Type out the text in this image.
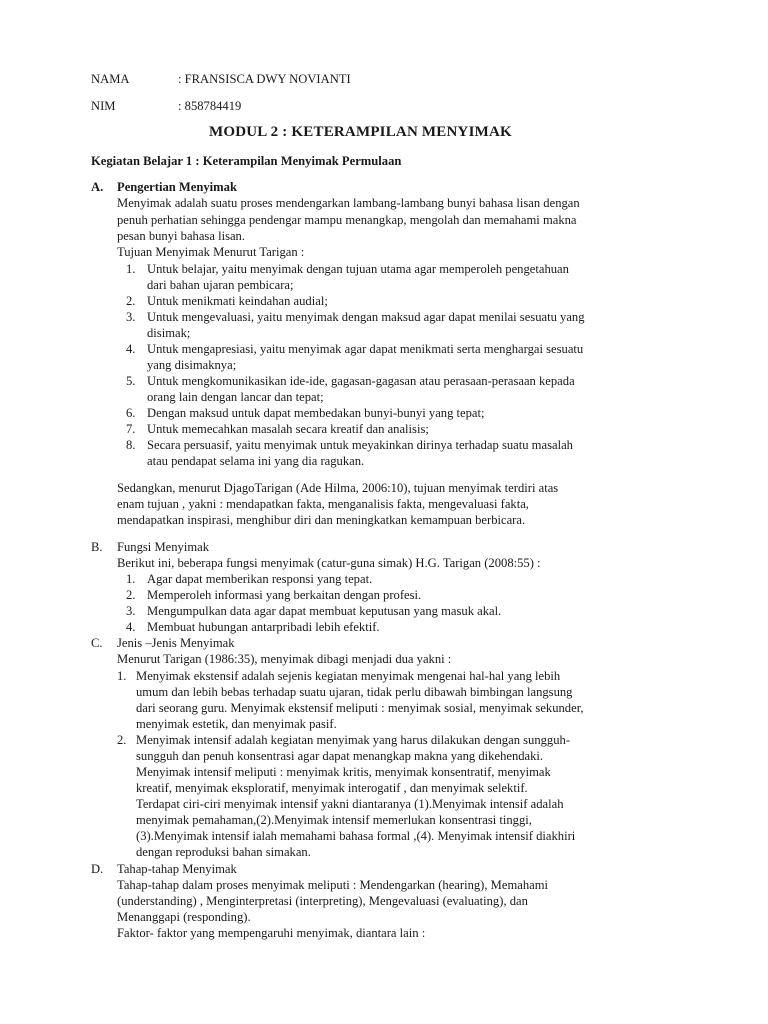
NAMA	: FRANSISCA DWY NOVIANTI
NIM	: 858784419
MODUL 2 : KETERAMPILAN MENYIMAK
Kegiatan Belajar 1 : Keterampilan Menyimak Permulaan
A. Pengertian Menyimak
Menyimak adalah suatu proses mendengarkan lambang-lambang bunyi bahasa lisan dengan
penuh perhatian sehingga pendengar mampu menangkap, mengolah dan memahami makna
pesan bunyi bahasa lisan.
Tujuan Menyimak Menurut Tarigan :
1. Untuk belajar, yaitu menyimak dengan tujuan utama agar memperoleh pengetahuan
dari bahan ujaran pembicara;
2. Untuk menikmati keindahan audial;
3. Untuk mengevaluasi, yaitu menyimak dengan maksud agar dapat menilai sesuatu yang
disimak;
4. Untuk mengapresiasi, yaitu menyimak agar dapat menikmati serta menghargai sesuatu
yang disimaknya;
5. Untuk mengkomunikasikan ide-ide, gagasan-gagasan atau perasaan-perasaan kepada
orang lain dengan lancar dan tepat;
6. Dengan maksud untuk dapat membedakan bunyi-bunyi yang tepat;
7. Untuk memecahkan masalah secara kreatif dan analisis;
8. Secara persuasif, yaitu menyimak untuk meyakinkan dirinya terhadap suatu masalah
atau pendapat selama ini yang dia ragukan.
Sedangkan, menurut DjagoTarigan (Ade Hilma, 2006:10), tujuan menyimak terdiri atas
enam tujuan , yakni : mendapatkan fakta, menganalisis fakta, mengevaluasi fakta,
mendapatkan inspirasi, menghibur diri dan meningkatkan kemampuan berbicara.
B. Fungsi Menyimak
Berikut ini, beberapa fungsi menyimak (catur-guna simak) H.G. Tarigan (2008:55) :
1. Agar dapat memberikan responsi yang tepat.
2. Memperoleh informasi yang berkaitan dengan profesi.
3. Mengumpulkan data agar dapat membuat keputusan yang masuk akal.
4. Membuat hubungan antarpribadi lebih efektif.
C. Jenis –Jenis Menyimak
Menurut Tarigan (1986:35), menyimak dibagi menjadi dua yakni :
1. Menyimak ekstensif adalah sejenis kegiatan menyimak mengenai hal-hal yang lebih
umum dan lebih bebas terhadap suatu ujaran, tidak perlu dibawah bimbingan langsung
dari seorang guru. Menyimak ekstensif meliputi : menyimak sosial, menyimak sekunder,
menyimak estetik, dan menyimak pasif.
2. Menyimak intensif adalah kegiatan menyimak yang harus dilakukan dengan sungguh-
sungguh dan penuh konsentrasi agar dapat menangkap makna yang dikehendaki.
Menyimak intensif meliputi : menyimak kritis, menyimak konsentratif, menyimak
kreatif, menyimak eksploratif, menyimak interogatif , dan menyimak selektif.
Terdapat ciri-ciri menyimak intensif yakni diantaranya (1).Menyimak intensif adalah
menyimak pemahaman,(2).Menyimak intensif memerlukan konsentrasi tinggi,
(3).Menyimak intensif ialah memahami bahasa formal ,(4). Menyimak intensif diakhiri
dengan reproduksi bahan simakan.
D. Tahap-tahap Menyimak
Tahap-tahap dalam proses menyimak meliputi : Mendengarkan (hearing), Memahami
(understanding) , Menginterpretasi (interpreting), Mengevaluasi (evaluating), dan
Menanggapi (responding).
Faktor- faktor yang mempengaruhi menyimak, diantara lain :
